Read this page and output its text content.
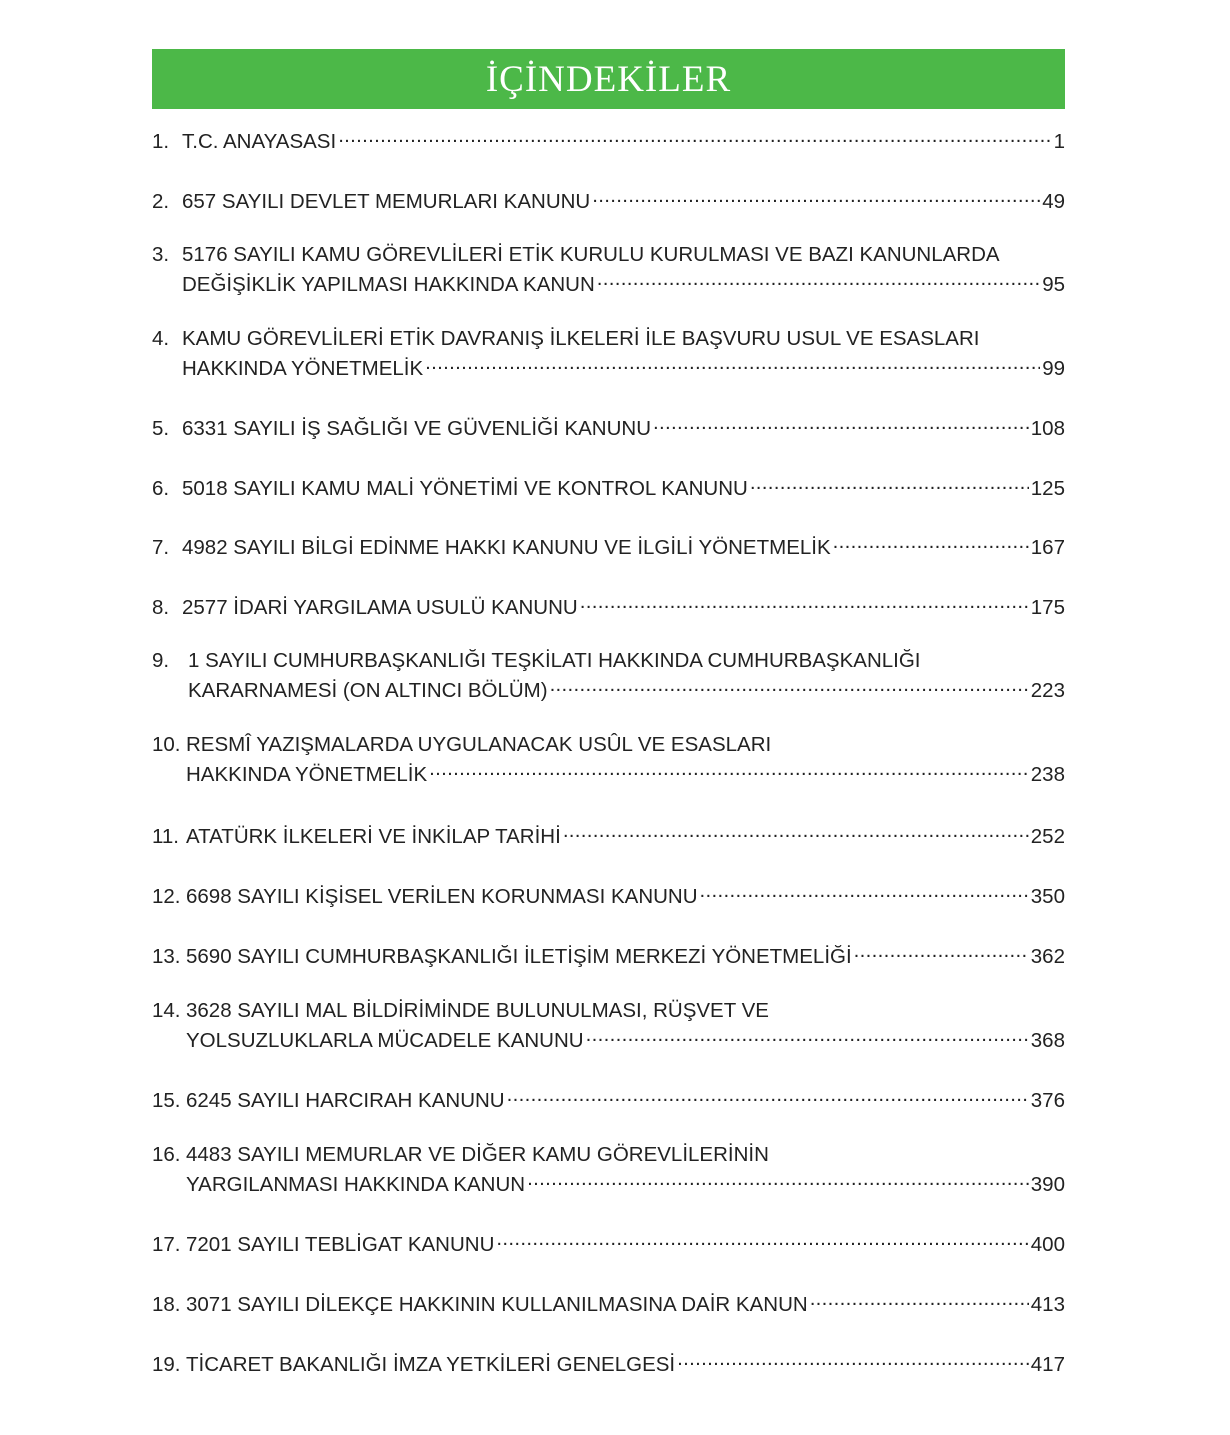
İÇİNDEKİLER
1. T.C. ANAYASASI .....	1
2. 657 SAYILI DEVLET MEMURLARI KANUNU .....	49
3. 5176 SAYILI KAMU GÖREVLİLERİ ETİK KURULU KURULMASI VE BAZI KANUNLARDA
DEĞİŞİKLİK YAPILMASI HAKKINDA KANUN .....	95
4. KAMU GÖREVLİLERİ ETİK DAVRANIŞ İLKELERİ İLE BAŞVURU USUL VE ESASLARI
HAKKINDA YÖNETMELİK .....	99
5. 6331 SAYILI İŞ SAĞLIĞI VE GÜVENLİĞİ KANUNU .....	108
6. 5018 SAYILI KAMU MALİ YÖNETİMİ VE KONTROL KANUNU .....	125
7. 4982 SAYILI BİLGİ EDİNME HAKKI KANUNU VE İLGİLİ YÖNETMELİK .....	167
8. 2577 İDARİ YARGILAMA USULÜ KANUNU .....	175
9. 1 SAYILI CUMHURBAŞKANLIĞI TEŞKİLATI HAKKINDA CUMHURBAŞKANLIĞI
KARARNAMESİ (ON ALTINCI BÖLÜM) .....	223
10. RESMÎ YAZIŞMALARDA UYGULANACAK USÛL VE ESASLARI
HAKKINDA YÖNETMELİK .....	238
11. ATATÜRK İLKELERİ VE İNKİLAP TARİHİ .....	252
12. 6698 SAYILI KİŞİSEL VERİLEN KORUNMASI KANUNU .....	350
13. 5690 SAYILI CUMHURBAŞKANLIĞI İLETİŞİM MERKEZİ YÖNETMELİĞİ .....	362
14. 3628 SAYILI MAL BİLDİRİMİNDE BULUNULMASI, RÜŞVET VE
YOLSUZLUKLARLA MÜCADELE KANUNU .....	368
15. 6245 SAYILI HARCIRAH KANUNU .....	376
16. 4483 SAYILI MEMURLAR VE DİĞER KAMU GÖREVLİLERİNİN
YARGILANMASI HAKKINDA KANUN .....	390
17. 7201 SAYILI TEBLİGAT KANUNU .....	400
18. 3071 SAYILI DİLEKÇE HAKKININ KULLANILMASINA DAİR KANUN .....	413
19. TİCARET BAKANLIĞI İMZA YETKİLERİ GENELGESİ .....	417
